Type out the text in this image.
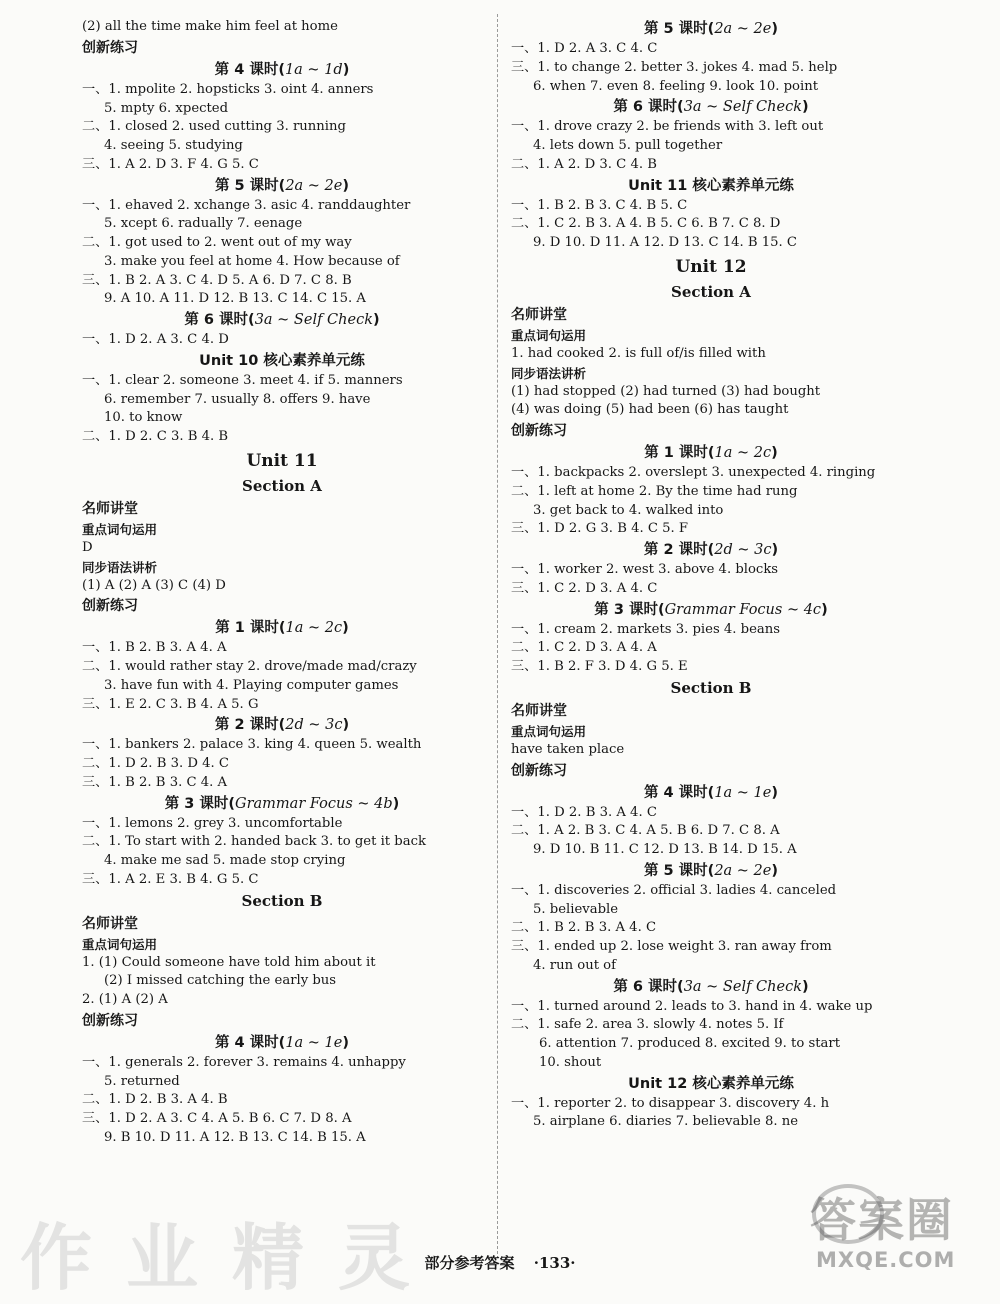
(2) all the time make him feel at home
创新练习
第 4 课时(1a ~ 1d)
一、1. mpolite 2. hopsticks 3. oint 4. anners
5. mpty 6. xpected
二、1. closed 2. used cutting 3. running
4. seeing 5. studying
三、1. A 2. D 3. F 4. G 5. C
第 5 课时(2a ~ 2e)
一、1. ehaved 2. xchange 3. asic 4. randdaughter
5. xcept 6. radually 7. eenage
二、1. got used to 2. went out of my way
3. make you feel at home 4. How because of
三、1. B 2. A 3. C 4. D 5. A 6. D 7. C 8. B
9. A 10. A 11. D 12. B 13. C 14. C 15. A
第 6 课时(3a ~ Self Check)
一、1. D 2. A 3. C 4. D
Unit 10 核心素养单元练
一、1. clear 2. someone 3. meet 4. if 5. manners
6. remember 7. usually 8. offers 9. have
10. to know
二、1. D 2. C 3. B 4. B
Unit 11
Section A
名师讲堂
重点词句运用
D
同步语法讲析
(1) A (2) A (3) C (4) D
创新练习
第 1 课时(1a ~ 2c)
一、1. B 2. B 3. A 4. A
二、1. would rather stay 2. drove/made mad/crazy
3. have fun with 4. Playing computer games
三、1. E 2. C 3. B 4. A 5. G
第 2 课时(2d ~ 3c)
一、1. bankers 2. palace 3. king 4. queen 5. wealth
二、1. D 2. B 3. D 4. C
三、1. B 2. B 3. C 4. A
第 3 课时(Grammar Focus ~ 4b)
一、1. lemons 2. grey 3. uncomfortable
二、1. To start with 2. handed back 3. to get it back
4. make me sad 5. made stop crying
三、1. A 2. E 3. B 4. G 5. C
Section B
名师讲堂
重点词句运用
1. (1) Could someone have told him about it
(2) I missed catching the early bus
2. (1) A (2) A
创新练习
第 4 课时(1a ~ 1e)
一、1. generals 2. forever 3. remains 4. unhappy
5. returned
二、1. D 2. B 3. A 4. B
三、1. D 2. A 3. C 4. A 5. B 6. C 7. D 8. A
9. B 10. D 11. A 12. B 13. C 14. B 15. A
第 5 课时(2a ~ 2e)
一、1. D 2. A 3. C 4. C
三、1. to change 2. better 3. jokes 4. mad 5. help
6. when 7. even 8. feeling 9. look 10. point
第 6 课时(3a ~ Self Check)
一、1. drove crazy 2. be friends with 3. left out
4. lets down 5. pull together
二、1. A 2. D 3. C 4. B
Unit 11 核心素养单元练
一、1. B 2. B 3. C 4. B 5. C
二、1. C 2. B 3. A 4. B 5. C 6. B 7. C 8. D
9. D 10. D 11. A 12. D 13. C 14. B 15. C
Unit 12
Section A
名师讲堂
重点词句运用
1. had cooked 2. is full of/is filled with
同步语法讲析
(1) had stopped (2) had turned (3) had bought
(4) was doing (5) had been (6) has taught
创新练习
第 1 课时(1a ~ 2c)
一、1. backpacks 2. overslept 3. unexpected 4. ringing
二、1. left at home 2. By the time had rung
3. get back to 4. walked into
三、1. D 2. G 3. B 4. C 5. F
第 2 课时(2d ~ 3c)
一、1. worker 2. west 3. above 4. blocks
三、1. C 2. D 3. A 4. C
第 3 课时(Grammar Focus ~ 4c)
一、1. cream 2. markets 3. pies 4. beans
二、1. C 2. D 3. A 4. A
三、1. B 2. F 3. D 4. G 5. E
Section B
名师讲堂
重点词句运用
have taken place
创新练习
第 4 课时(1a ~ 1e)
一、1. D 2. B 3. A 4. C
二、1. A 2. B 3. C 4. A 5. B 6. D 7. C 8. A
9. D 10. B 11. C 12. D 13. B 14. D 15. A
第 5 课时(2a ~ 2e)
一、1. discoveries 2. official 3. ladies 4. canceled
5. believable
二、1. B 2. B 3. A 4. C
三、1. ended up 2. lose weight 3. ran away from
4. run out of
第 6 课时(3a ~ Self Check)
一、1. turned around 2. leads to 3. hand in 4. wake up
二、1. safe 2. area 3. slowly 4. notes 5. If
6. attention 7. produced 8. excited 9. to start
10. shout
Unit 12 核心素养单元练
一、1. reporter 2. to disappear 3. discovery 4. h
5. airplane 6. diaries 7. believable 8. ne
作业精灵	答案圈
MXQE.COM
部分参考答案 ·133·
